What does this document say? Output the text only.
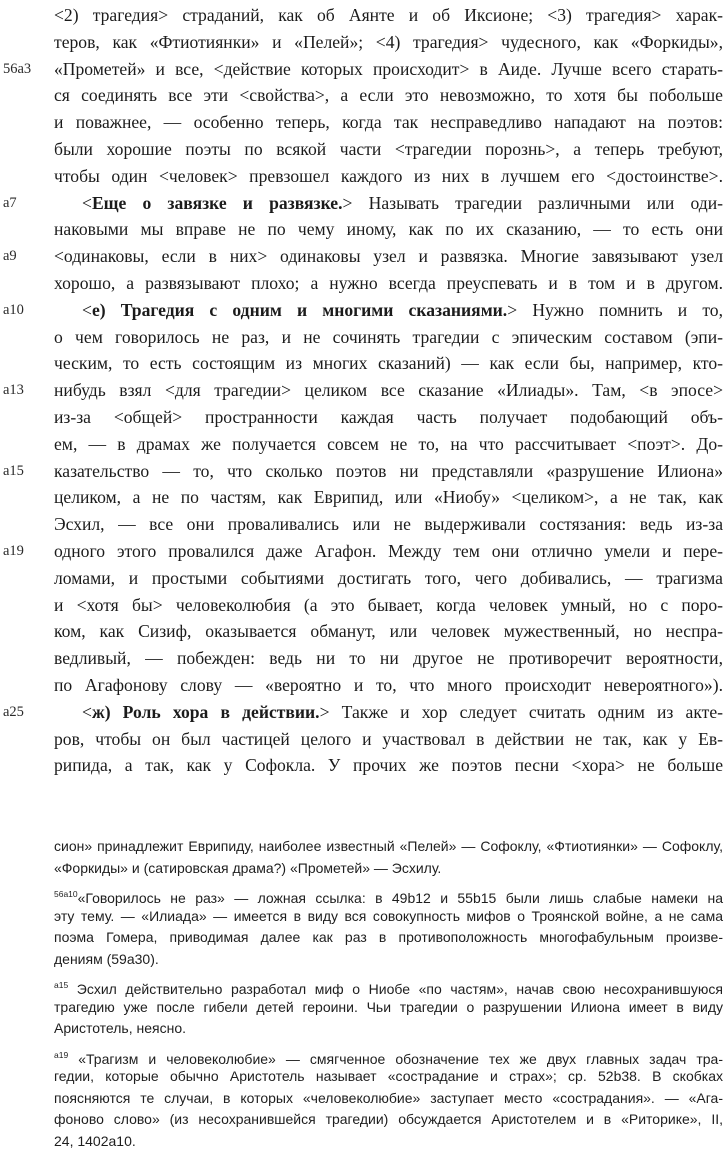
<2) трагедия> страданий, как об Аянте и об Иксионе; <3) трагедия> харак-
теров, как «Фтиотиянки» и «Пелей»; <4) трагедия> чудесного, как «Форкиды»,
56a3 «Прометей» и все, <действие которых происходит> в Аиде. Лучше всего старать-
ся соединять все эти <свойства>, а если это невозможно, то хотя бы побольше
и поважнее, — особенно теперь, когда так несправедливо нападают на поэтов:
были хорошие поэты по всякой части <трагедии порознь>, а теперь требуют,
чтобы один <человек> превзошел каждого из них в лучшем его <достоинстве>.
a7	<Еще о завязке и развязке.> Называть трагедии различными или оди-
наковыми мы вправе не по чему иному, как по их сказанию, — то есть они
a9 <одинаковы, если в них> одинаковы узел и развязка. Многие завязывают узел
хорошо, а развязывают плохо; а нужно всегда преуспевать и в том и в другом.
a10	<е) Трагедия с одним и многими сказаниями.> Нужно помнить и то,
о чем говорилось не раз, и не сочинять трагедии с эпическим составом (эпи-
ческим, то есть состоящим из многих сказаний) — как если бы, например, кто-
a13 нибудь взял <для трагедии> целиком все сказание «Илиады». Там, <в эпосе>
из-за <общей> пространности каждая часть получает подобающий объ-
ем, — в драмах же получается совсем не то, на что рассчитывает <поэт>. До-
a15 казательство — то, что сколько поэтов ни представляли «разрушение Илиона»
целиком, а не по частям, как Еврипид, или «Ниобу» <целиком>, а не так, как
Эсхил, — все они проваливались или не выдерживали состязания: ведь из-за
a19 одного этого провалился даже Агафон. Между тем они отлично умели и пере-
ломами, и простыми событиями достигать того, чего добивались, — трагизма
и <хотя бы> человеколюбия (а это бывает, когда человек умный, но с поро-
ком, как Сизиф, оказывается обманут, или человек мужественный, но неспра-
ведливый, — побежден: ведь ни то ни другое не противоречит вероятности,
по Агафонову слову — «вероятно и то, что много происходит невероятного»).
a25	<ж) Роль хора в действии.> Также и хор следует считать одним из акте-
ров, чтобы он был частицей целого и участвовал в действии не так, как у Ев-
рипида, а так, как у Софокла. У прочих же поэтов песни <хора> не больше
сион» принадлежит Еврипиду, наиболее известный «Пелей» — Софоклу, «Фтиотиянки» — Софоклу,
«Форкиды» и (сатировская драма?) «Прометей» — Эсхилу.
$^{56a10}$«Говорилось не раз» — ложная ссылка: в 49b12 и 55b15 были лишь слабые намеки на
эту тему. — «Илиада» — имеется в виду вся совокупность мифов о Троянской войне, а не сама
поэма Гомера, приводимая далее как раз в противоположность многофабульным произве-
дениям (59a30).
$^{a15}$ Эсхил действительно разработал миф о Ниобе «по частям», начав свою несохранившуюся
трагедию уже после гибели детей героини. Чьи трагедии о разрушении Илиона имеет в виду
Аристотель, неясно.
$^{a19}$ «Трагизм и человеколюбие» — смягченное обозначение тех же двух главных задач тра-
гедии, которые обычно Аристотель называет «сострадание и страх»; ср. 52b38. В скобках
поясняются те случаи, в которых «человеколюбие» заступает место «сострадания». — «Ага-
фоново слово» (из несохранившейся трагедии) обсуждается Аристотелем и в «Риторике», II,
24, 1402a10.
